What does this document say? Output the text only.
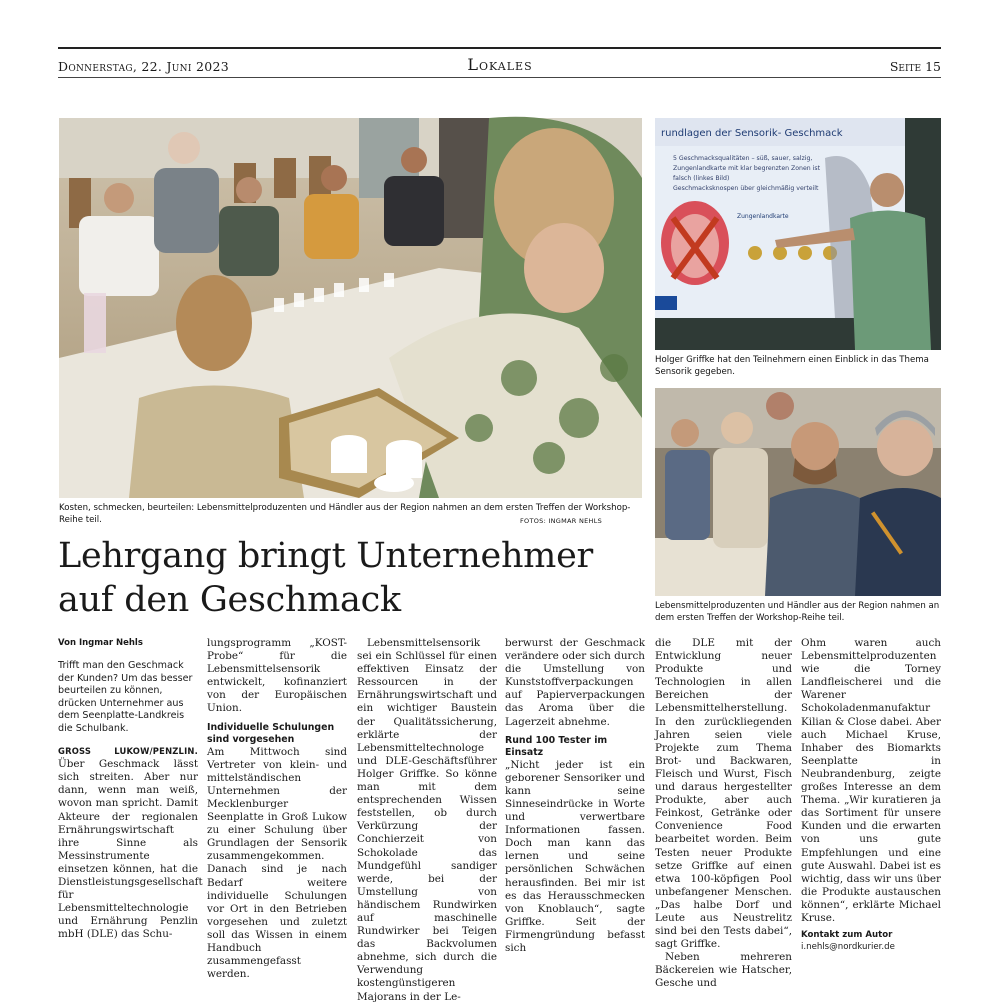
Donnerstag, 22. Juni 2023	Lokales	Seite 15
Kosten, schmecken, beurteilen: Lebensmittelproduzenten und Händler aus der Region nahmen an dem ersten Treffen der Workshop-Reihe teil.	FOTOS: INGMAR NEHLS
rundlagen der Sensorik- Geschmack
5 Geschmacksqualitäten – süß, sauer, salzig,
Zungenlandkarte mit klar begrenzten Zonen ist
falsch (linkes Bild)
Geschmacksknospen über gleichmäßig verteilt
Zungenlandkarte
Holger Griffke hat den Teilnehmern einen Einblick in das Thema Sensorik gegeben.
Lebensmittelproduzenten und Händler aus der Region nahmen an dem ersten Treffen der Workshop-Reihe teil.
Lehrgang bringt Unternehmer
auf den Geschmack
Von Ingmar Nehls

Trifft man den Geschmack der Kunden? Um das besser beurteilen zu können, drücken Unternehmer aus dem Seenplatte-Landkreis die Schulbank.

GROSS LUKOW/PENZLIN. Über Geschmack lässt sich streiten. Aber nur dann, wenn man weiß, wovon man spricht. Damit Akteure der regionalen Ernährungswirtschaft ihre Sinne als Messinstrumente einsetzen können, hat die Dienstleistungsgesellschaft für Lebensmitteltechnologie und Ernährung Penzlin mbH (DLE) das Schu-

lungsprogramm „KOST-Probe“ für die Lebensmittelsensorik entwickelt, kofinanziert von der Europäischen Union.

Individuelle Schulungen sind vorgesehen

Am Mittwoch sind Vertreter von klein- und mittelständischen Unternehmen der Mecklenburger Seenplatte in Groß Lukow zu einer Schulung über Grundlagen der Sensorik zusammengekommen. Danach sind je nach Bedarf weitere individuelle Schulungen vor Ort in den Betrieben vorgesehen und zuletzt soll das Wissen in einem Handbuch zusammengefasst werden.

Lebensmittelsensorik sei ein Schlüssel für einen effektiven Einsatz der Ressourcen in der Ernährungswirtschaft und ein wichtiger Baustein der Qualitätssicherung, erklärte der Lebensmitteltechnologe und DLE-Geschäftsführer Holger Griffke. So könne man mit dem entsprechenden Wissen feststellen, ob durch Verkürzung der Conchierzeit von Schokolade das Mundgefühl sandiger werde, bei der Umstellung von händischem Rundwirken auf maschinelle Rundwirker bei Teigen das Backvolumen abnehme, sich durch die Verwendung kostengünstigeren Majorans in der Le-

berwurst der Geschmack verändere oder sich durch die Umstellung von Kunststoffverpackungen auf Papierverpackungen das Aroma über die Lagerzeit abnehme.

Rund 100 Tester im Einsatz

„Nicht jeder ist ein geborener Sensoriker und kann seine Sinneseindrücke in Worte und verwertbare Informationen fassen. Doch man kann das lernen und seine persönlichen Schwächen herausfinden. Bei mir ist es das Herausschmecken von Knoblauch“, sagte Griffke. Seit der Firmengründung befasst sich

die DLE mit der Entwicklung neuer Produkte und Technologien in allen Bereichen der Lebensmittelherstellung. In den zurückliegenden Jahren seien viele Projekte zum Thema Brot- und Backwaren, Fleisch und Wurst, Fisch und daraus hergestellter Produkte, aber auch Feinkost, Getränke oder Convenience Food bearbeitet worden. Beim Testen neuer Produkte setze Griffke auf einen etwa 100-köpfigen Pool unbefangener Menschen. „Das halbe Dorf und Leute aus Neustrelitz sind bei den Tests dabei“, sagt Griffke.

Neben mehreren Bäckereien wie Hatscher, Gesche und

Ohm waren auch Lebensmittelproduzenten wie die Torney Landfleischerei und die Warener Schokoladenmanufaktur Kilian & Close dabei. Aber auch Michael Kruse, Inhaber des Biomarkts Seenplatte in Neubrandenburg, zeigte großes Interesse an dem Thema. „Wir kuratieren ja das Sortiment für unsere Kunden und die erwarten von uns gute Empfehlungen und eine gute Auswahl. Dabei ist es wichtig, dass wir uns über die Produkte austauschen können“, erklärte Michael Kruse.

Kontakt zum Autor
i.nehls@nordkurier.de
